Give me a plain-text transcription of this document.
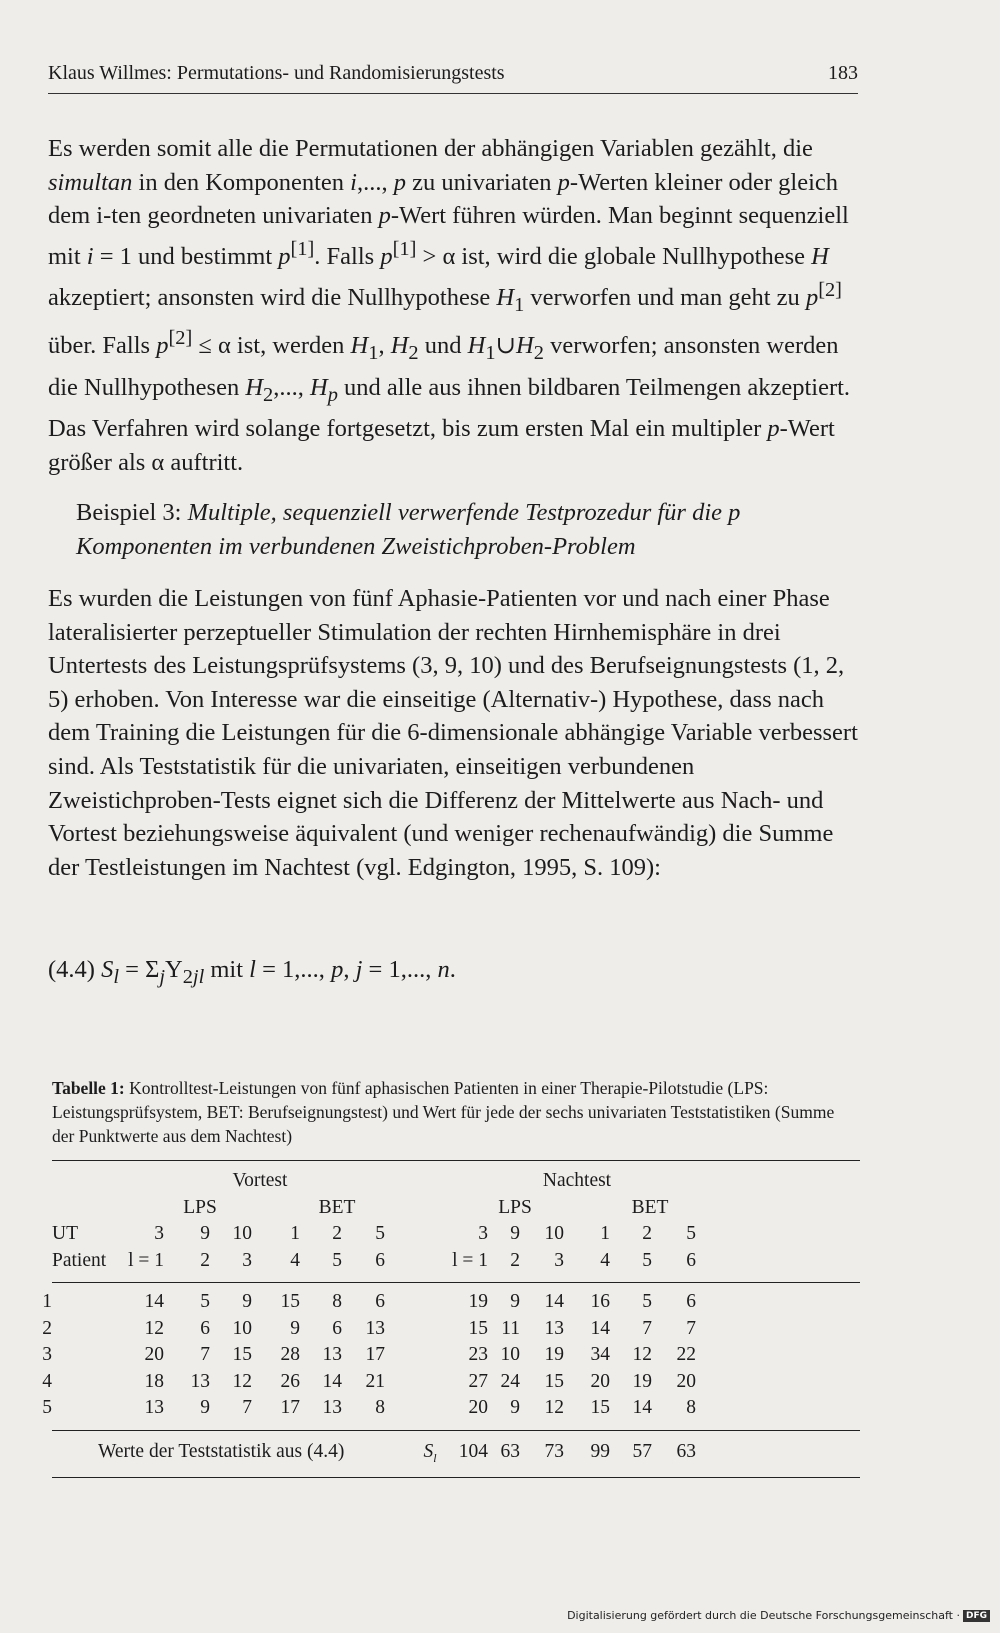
Klaus Willmes: Permutations- und Randomisierungstests	183

Es werden somit alle die Permutationen der abhängigen Variablen gezählt, die simultan in den Komponenten i,..., p zu univariaten p-Werten kleiner oder gleich dem i-ten geordneten univariaten p-Wert führen würden. Man beginnt sequenziell mit i = 1 und bestimmt p[1]. Falls p[1] > α ist, wird die globale Nullhypothese H akzeptiert; ansonsten wird die Nullhypothese $H_1$ verworfen und man geht zu p[2] über. Falls p[2] ≤ α ist, werden $H_1$, $H_2$ und $H_1\cup H_2$ verworfen; ansonsten werden die Nullhypothesen $H_2$,..., $H_p$ und alle aus ihnen bildbaren Teilmengen akzeptiert. Das Verfahren wird solange fortgesetzt, bis zum ersten Mal ein multipler p-Wert größer als α auftritt.

Beispiel 3: Multiple, sequenziell verwerfende Testprozedur für die p Komponenten im verbundenen Zweistichproben-Problem

Es wurden die Leistungen von fünf Aphasie-Patienten vor und nach einer Phase lateralisierter perzeptueller Stimulation der rechten Hirnhemisphäre in drei Untertests des Leistungsprüfsystems (3, 9, 10) und des Berufseignungstests (1, 2, 5) erhoben. Von Interesse war die einseitige (Alternativ-) Hypothese, dass nach dem Training die Leistungen für die 6-dimensionale abhängige Variable verbessert sind. Als Teststatistik für die univariaten, einseitigen verbundenen Zweistichproben-Tests eignet sich die Differenz der Mittelwerte aus Nach- und Vortest beziehungsweise äquivalent (und weniger rechenaufwändig) die Summe der Testleistungen im Nachtest (vgl. Edgington, 1995, S. 109):

(4.4) $S_l = \Sigma_jY_{2jl}$ mit l = 1,..., p, j = 1,..., n.
Tabelle 1: Kontrolltest-Leistungen von fünf aphasischen Patienten in einer Therapie-Pilotstudie (LPS: Leistungsprüfsystem, BET: Berufseignungstest) und Wert für jede der sechs univariaten Teststatistiken (Summe der Punktwerte aus dem Nachtest)
Vortest	Nachtest
LPS	BET	LPS	BET
UT	3 9 10 1 2 5	3 9 10 1 2 5
Patient l = 1 2 3 4 5 6	l = 1 2 3 4 5 6
1	14 5 9 15 8 6	19 9 14 16 5 6
2	12 6 10 9 6 13	15 11 13 14 7 7
3	20 7 15 28 13 17	23 10 19 34 12 22
4	18 13 12 26 14 21	27 24 15 20 19 20
5	13 9 7 17 13 8	20 9 12 15 14 8
Werte der Teststatistik aus (4.4)	$S_l$ 104 63 73 99 57 63
Digitalisierung gefördert durch die Deutsche Forschungsgemeinschaft · DFG
